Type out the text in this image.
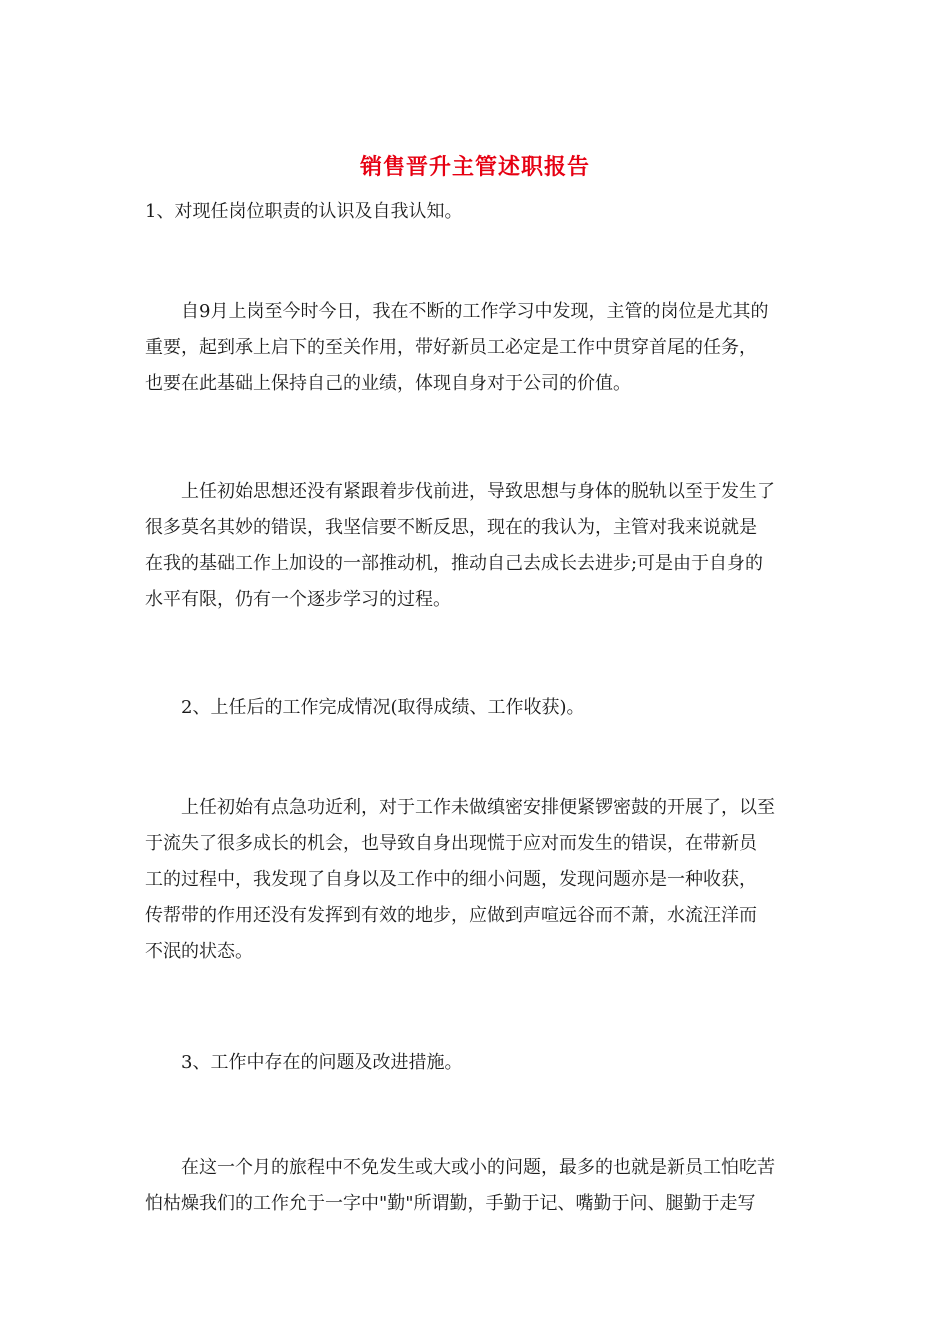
销售晋升主管述职报告
1、对现任岗位职责的认识及自我认知。
　　自9月上岗至今时今日，我在不断的工作学习中发现，主管的岗位是尤其的
重要，起到承上启下的至关作用，带好新员工必定是工作中贯穿首尾的任务，
也要在此基础上保持自己的业绩，体现自身对于公司的价值。
　　上任初始思想还没有紧跟着步伐前进，导致思想与身体的脱轨以至于发生了
很多莫名其妙的错误，我坚信要不断反思，现在的我认为，主管对我来说就是
在我的基础工作上加设的一部推动机，推动自己去成长去进步;可是由于自身的
水平有限，仍有一个逐步学习的过程。
　　2、上任后的工作完成情况(取得成绩、工作收获)。
　　上任初始有点急功近利，对于工作未做缜密安排便紧锣密鼓的开展了，以至
于流失了很多成长的机会，也导致自身出现慌于应对而发生的错误，在带新员
工的过程中，我发现了自身以及工作中的细小问题，发现问题亦是一种收获，
传帮带的作用还没有发挥到有效的地步，应做到声喧远谷而不萧，水流汪洋而
不泯的状态。
　　3、工作中存在的问题及改进措施。
　　在这一个月的旅程中不免发生或大或小的问题，最多的也就是新员工怕吃苦
怕枯燥我们的工作允于一字中"勤"所谓勤，手勤于记、嘴勤于问、腿勤于走写
